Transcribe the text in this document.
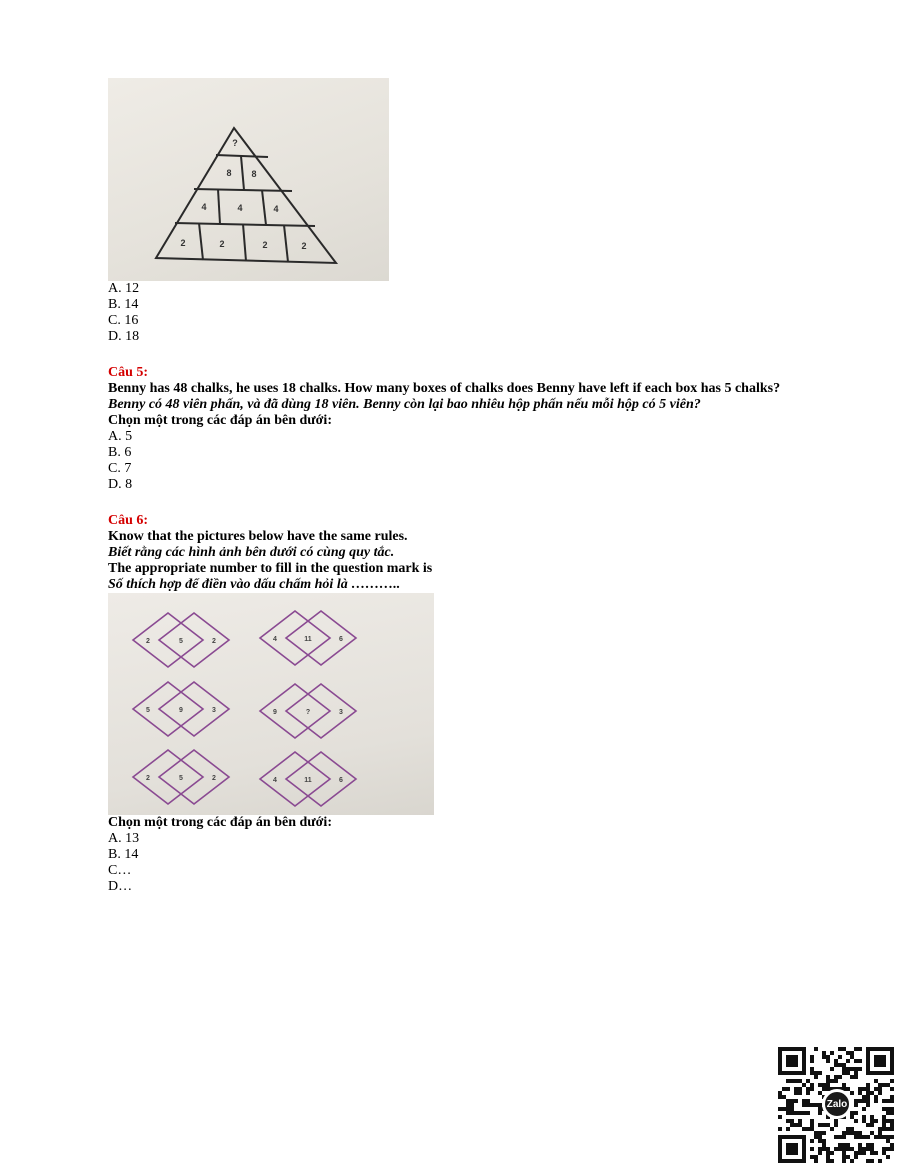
?
8 8
4	4	4
2	2	2	2
A. 12
B. 14
C. 16
D. 18
Câu 5:
Benny has 48 chalks, he uses 18 chalks. How many boxes of chalks does Benny have left if each box has 5 chalks?
Benny có 48 viên phấn, và đã dùng 18 viên. Benny còn lại bao nhiêu hộp phấn nếu mỗi hộp có 5 viên?
Chọn một trong các đáp án bên dưới:
A. 5
B. 6
C. 7
D. 8
Câu 6:
Know that the pictures below have the same rules.
Biết rằng các hình ảnh bên dưới có cùng quy tắc.
The appropriate number to fill in the question mark is
Số thích hợp để điền vào dấu chấm hỏi là ………..
2	5	2	4	11	6
5	9	3	9	?	3
2	5	2	4	11	6
Chọn một trong các đáp án bên dưới:
A. 13
B. 14
C…
D…
Zalo
